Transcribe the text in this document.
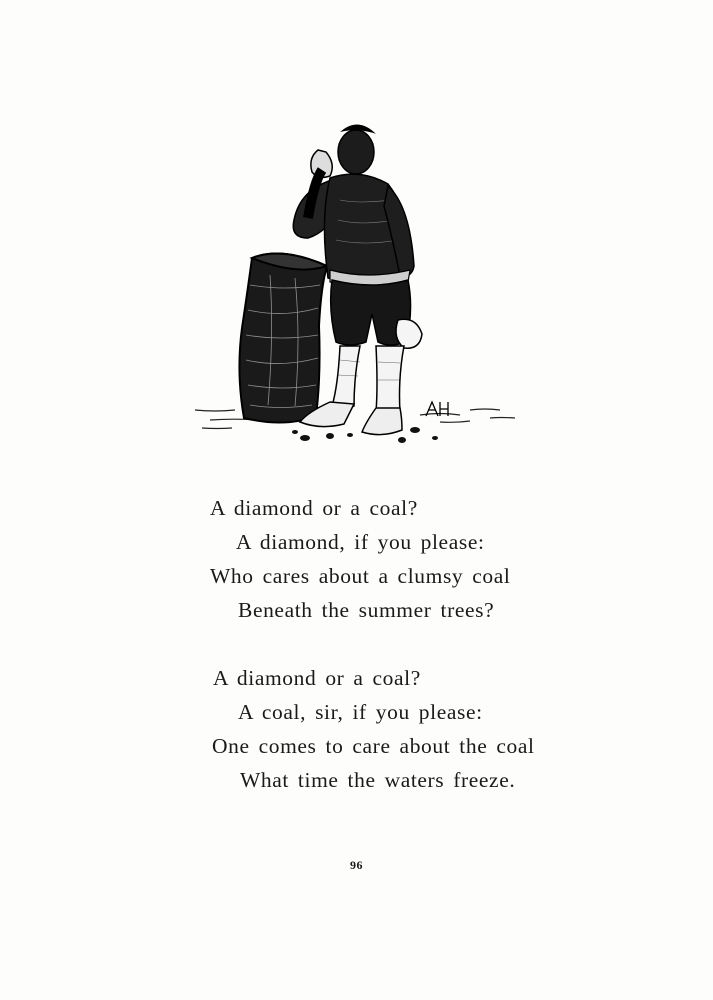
A diamond or a coal?
A diamond, if you please:
Who cares about a clumsy coal
Beneath the summer trees?
A diamond or a coal?
A coal, sir, if you please:
One comes to care about the coal
What time the waters freeze.
96
